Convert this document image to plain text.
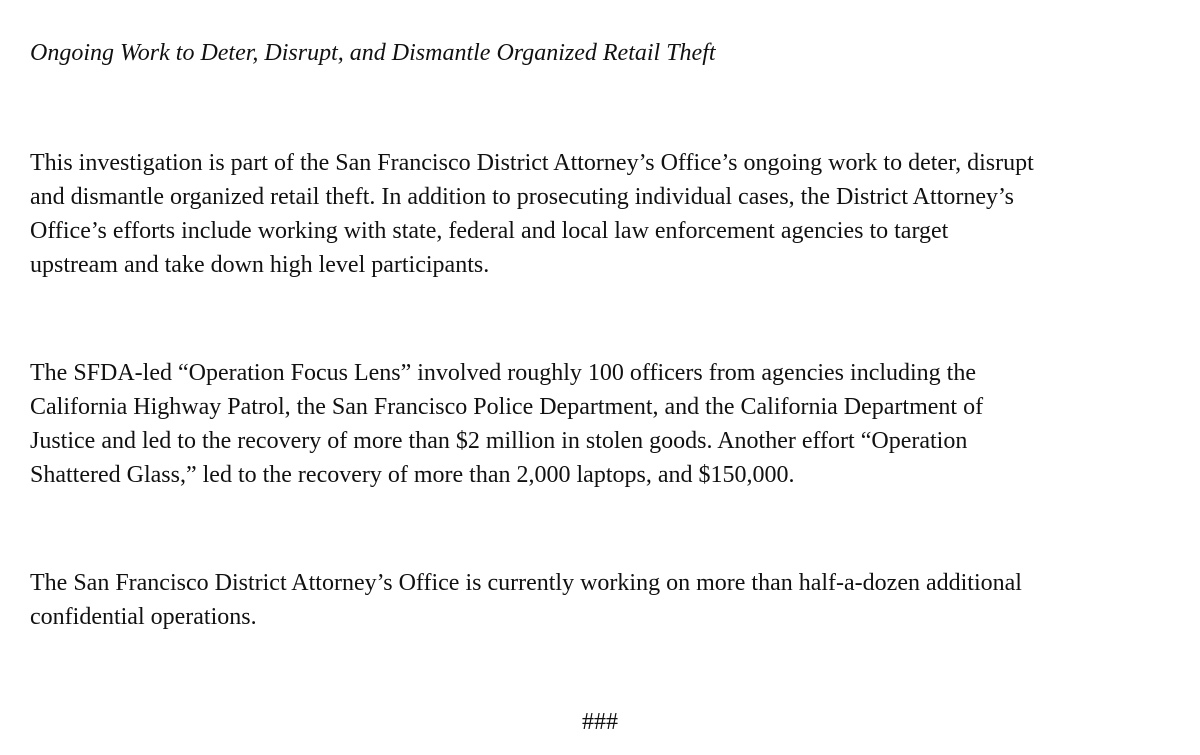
Ongoing Work to Deter, Disrupt, and Dismantle Organized Retail Theft

This investigation is part of the San Francisco District Attorney’s Office’s ongoing work to deter, disrupt
and dismantle organized retail theft. In addition to prosecuting individual cases, the District Attorney’s
Office’s efforts include working with state, federal and local law enforcement agencies to target
upstream and take down high level participants.

The SFDA-led “Operation Focus Lens” involved roughly 100 officers from agencies including the
California Highway Patrol, the San Francisco Police Department, and the California Department of
Justice and led to the recovery of more than $2 million in stolen goods. Another effort “Operation
Shattered Glass,” led to the recovery of more than 2,000 laptops, and $150,000.

The San Francisco District Attorney’s Office is currently working on more than half-a-dozen additional
confidential operations.

###
